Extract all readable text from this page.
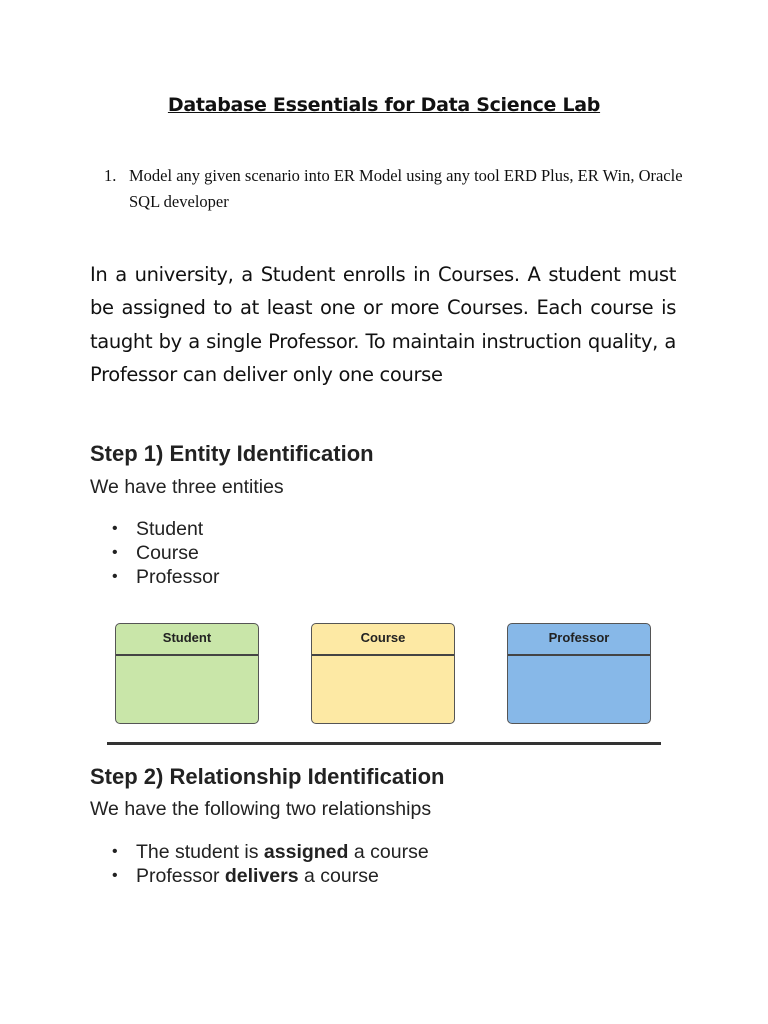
Database Essentials for Data Science Lab
1. Model any given scenario into ER Model using any tool ERD Plus, ER Win, Oracle SQL developer
In a university, a Student enrolls in Courses. A student must be assigned to at least one or more Courses. Each course is taught by a single Professor. To maintain instruction quality, a Professor can deliver only one course
Step 1) Entity Identification
We have three entities
• Student
• Course
• Professor
Student	Course	Professor
Step 2) Relationship Identification
We have the following two relationships
• The student is assigned a course
• Professor delivers a course
